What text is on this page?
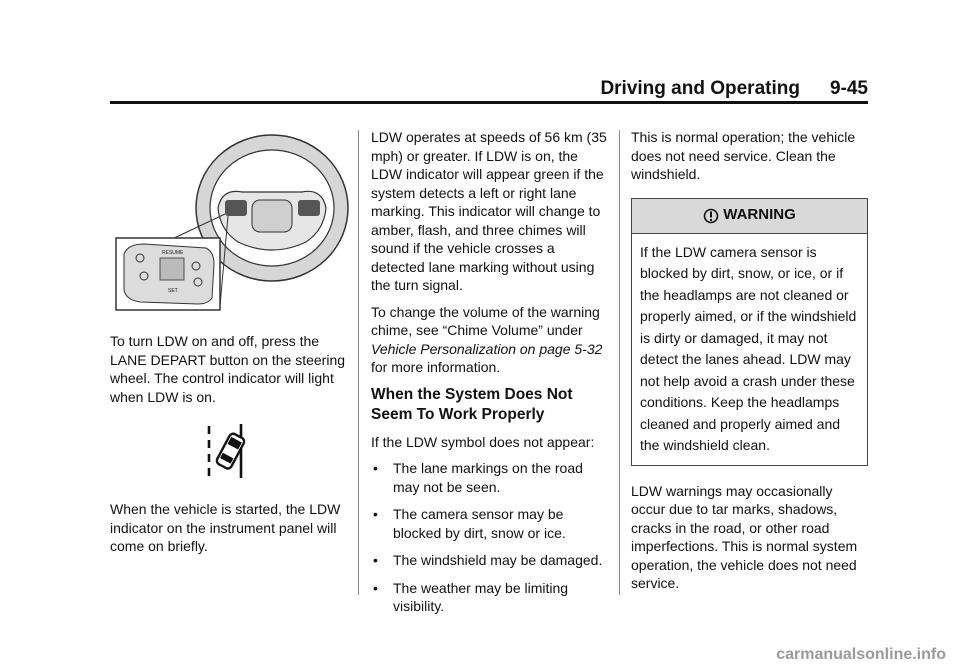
Driving and Operating 9-45
RESUME
SET

To turn LDW on and off, press the LANE DEPART button on the steering wheel. The control indicator will light when LDW is on.

When the vehicle is started, the LDW indicator on the instrument panel will come on briefly.

LDW operates at speeds of 56 km (35 mph) or greater. If LDW is on, the LDW indicator will appear green if the system detects a left or right lane marking. This indicator will change to amber, flash, and three chimes will sound if the vehicle crosses a detected lane marking without using the turn signal.

To change the volume of the warning chime, see “Chime Volume” under Vehicle Personalization on page 5-32 for more information.

When the System Does Not Seem To Work Properly

If the LDW symbol does not appear:

• The lane markings on the road may not be seen.
• The camera sensor may be blocked by dirt, snow or ice.
• The windshield may be damaged.
• The weather may be limiting visibility.

This is normal operation; the vehicle does not need service. Clean the windshield.

WARNING
If the LDW camera sensor is blocked by dirt, snow, or ice, or if the headlamps are not cleaned or properly aimed, or if the windshield is dirty or damaged, it may not detect the lanes ahead. LDW may not help avoid a crash under these conditions. Keep the headlamps cleaned and properly aimed and the windshield clean.

LDW warnings may occasionally occur due to tar marks, shadows, cracks in the road, or other road imperfections. This is normal system operation, the vehicle does not need service.

carmanualsonline.info
